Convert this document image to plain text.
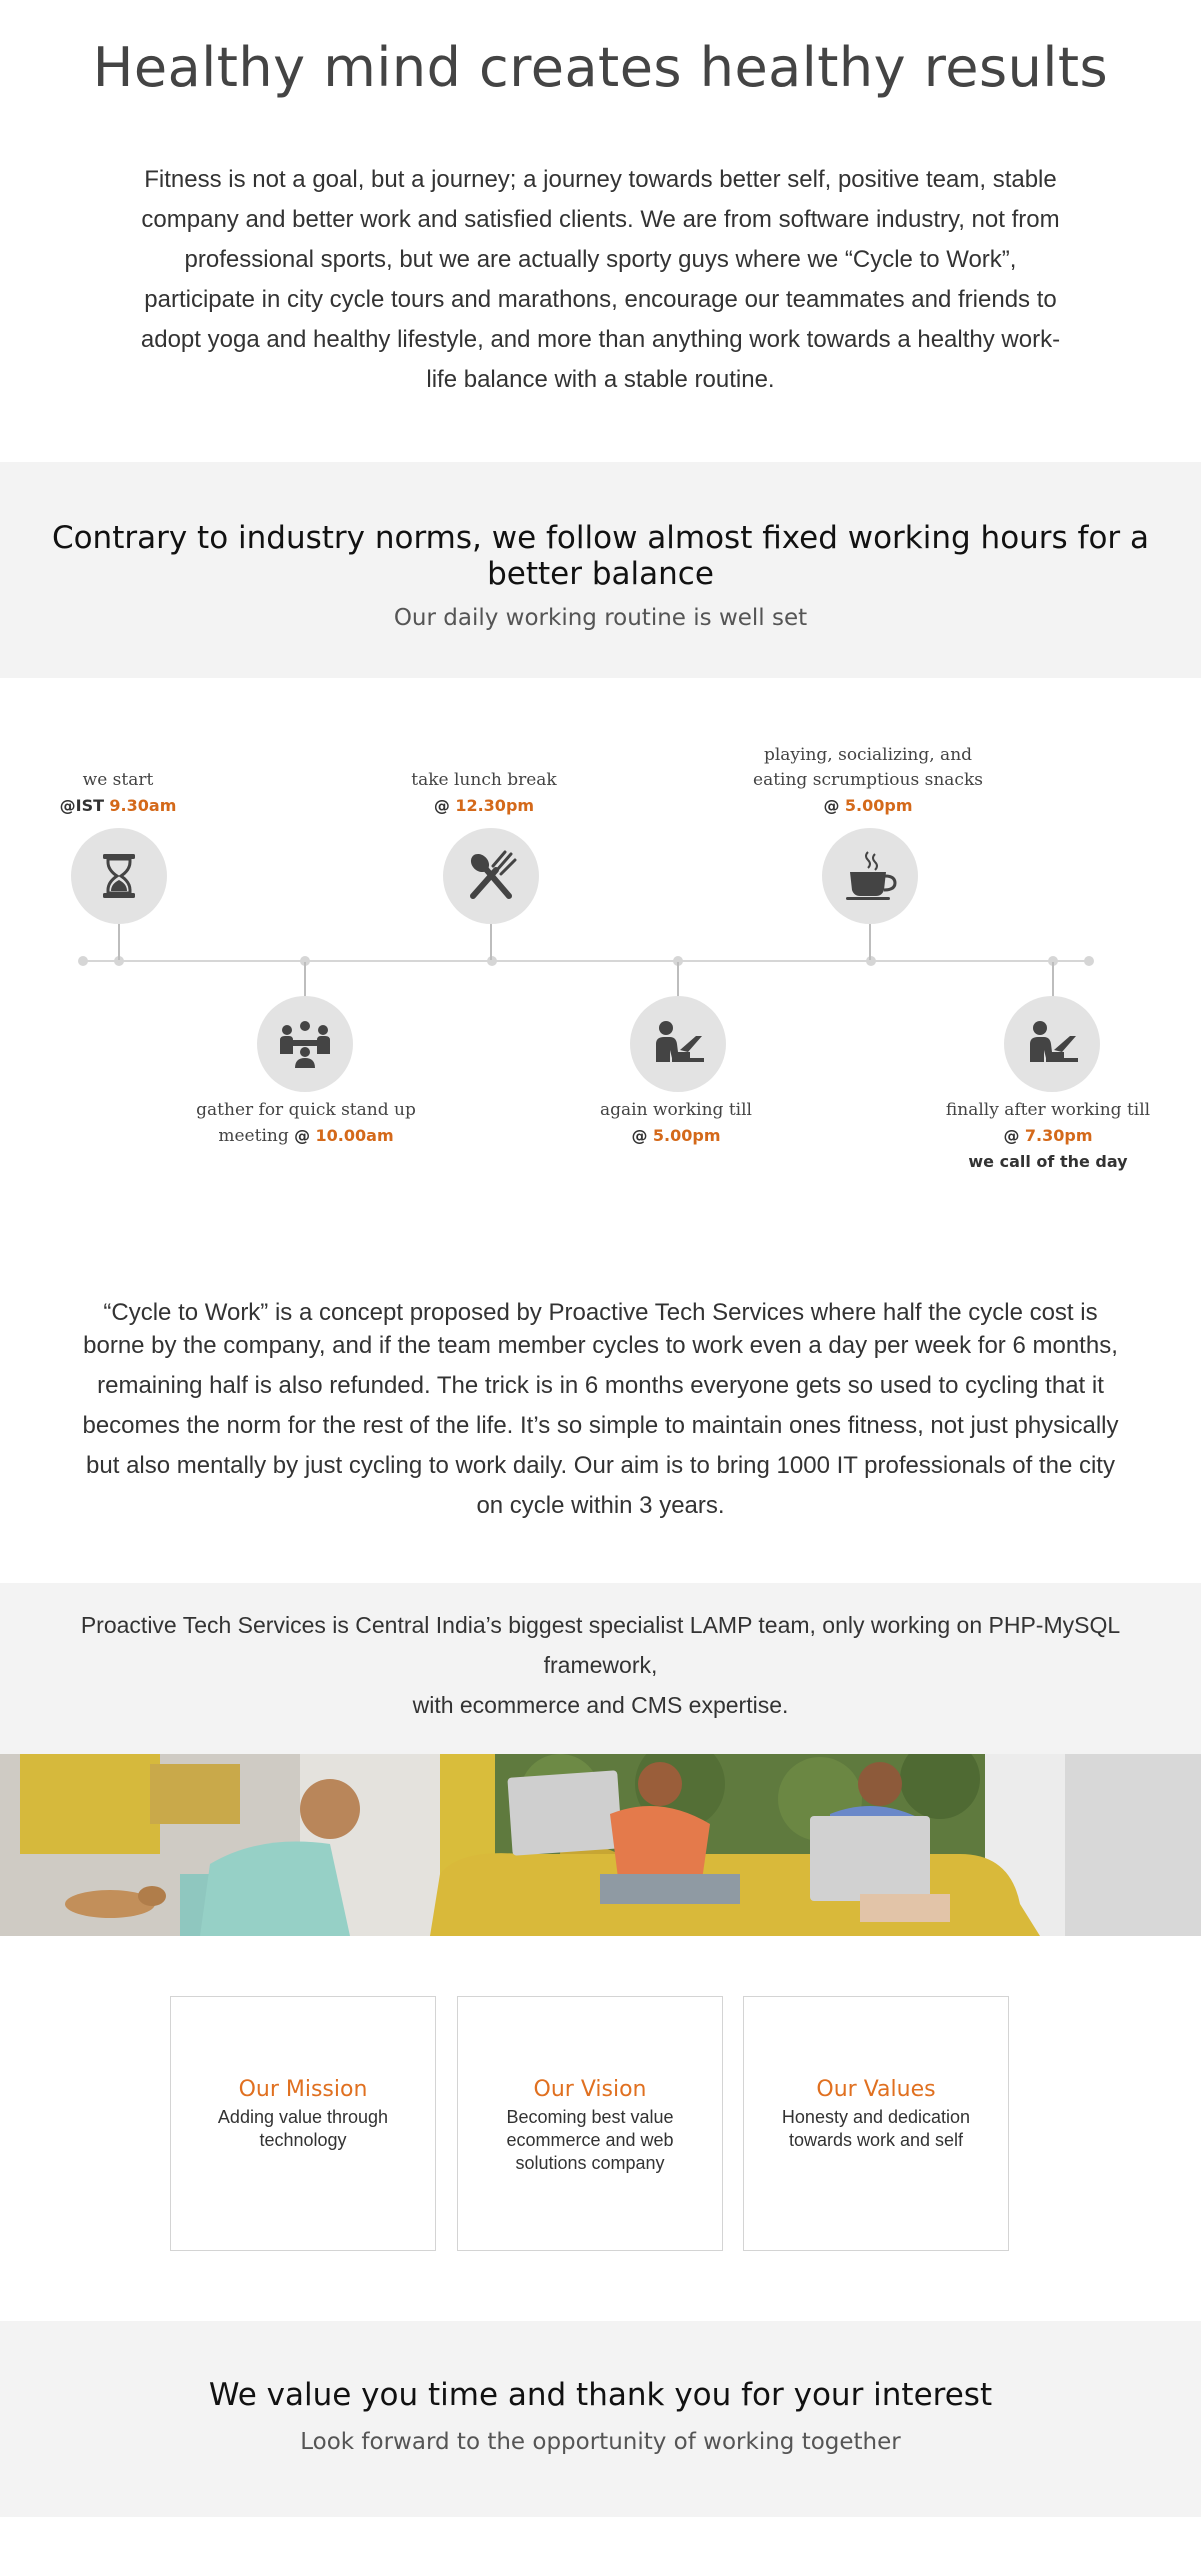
Healthy mind creates healthy results

Fitness is not a goal, but a journey; a journey towards better self, positive team, stable company and better work and satisfied clients. We are from software industry, not from professional sports, but we are actually sporty guys where we “Cycle to Work”, participate in city cycle tours and marathons, encourage our teammates and friends to adopt yoga and healthy lifestyle, and more than anything work towards a healthy work-life balance with a stable routine.

Contrary to industry norms, we follow almost fixed working hours for a better balance
Our daily working routine is well set
we start
@IST 9.30am
gather for quick stand up meeting @ 10.00am
take lunch break
@ 12.30pm
again working till
@ 5.00pm
playing, socializing, and eating scrumptious snacks @ 5.00pm
finally after working till
@ 7.30pm
we call of the day
“Cycle to Work” is a concept proposed by Proactive Tech Services where half the cycle cost is
borne by the company, and if the team member cycles to work even a day per week for 6 months, remaining half is also refunded. The trick is in 6 months everyone gets so used to cycling that it becomes the norm for the rest of the life. It’s so simple to maintain ones fitness, not just physically but also mentally by just cycling to work daily. Our aim is to bring 1000 IT professionals of the city on cycle within 3 years.

Proactive Tech Services is Central India’s biggest specialist LAMP team, only working on PHP-MySQL framework,
with ecommerce and CMS expertise.

Our Mission

Adding value through technology

Our Vision

Becoming best value ecommerce and web solutions company

Our Values

Honesty and dedication towards work and self

We value you time and thank you for your interest
Look forward to the opportunity of working together
